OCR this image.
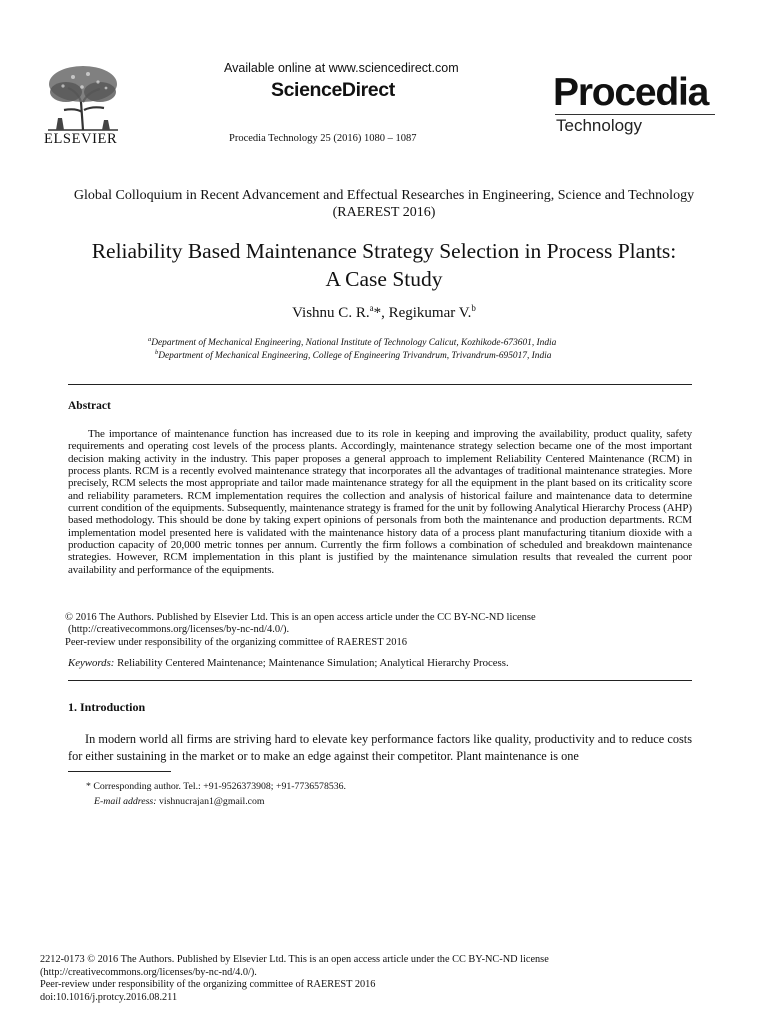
ELSEVIER
Available online at www.sciencedirect.com
ScienceDirect
Procedia Technology 25 (2016) 1080 – 1087
Procedia
Technology
Global Colloquium in Recent Advancement and Effectual Researches in Engineering, Science and Technology (RAEREST 2016)
Reliability Based Maintenance Strategy Selection in Process Plants:
A Case Study
Vishnu C. R.$^a$*, Regikumar V.$^b$
$^a$Department of Mechanical Engineering, National Institute of Technology Calicut, Kozhikode-673601, India
$^b$Department of Mechanical Engineering, College of Engineering Trivandrum, Trivandrum-695017, India
Abstract
The importance of maintenance function has increased due to its role in keeping and improving the availability, product quality, safety requirements and operating cost levels of the process plants. Accordingly, maintenance strategy selection became one of the most important decision making activity in the industry. This paper proposes a general approach to implement Reliability Centered Maintenance (RCM) in process plants. RCM is a recently evolved maintenance strategy that incorporates all the advantages of traditional maintenance strategies. More precisely, RCM selects the most appropriate and tailor made maintenance strategy for all the equipment in the plant based on its criticality score and reliability parameters. RCM implementation requires the collection and analysis of historical failure and maintenance data to determine current condition of the equipments. Subsequently, maintenance strategy is framed for the unit by following Analytical Hierarchy Process (AHP) based methodology. This should be done by taking expert opinions of personals from both the maintenance and production departments. RCM implementation model presented here is validated with the maintenance history data of a process plant manufacturing titanium dioxide with a production capacity of 20,000 metric tonnes per annum. Currently the firm follows a combination of scheduled and breakdown maintenance strategies. However, RCM implementation in this plant is justified by the maintenance simulation results that revealed the current poor availability and performance of the equipments.
© 2016 The Authors. Published by Elsevier Ltd. This is an open access article under the CC BY-NC-ND license
(http://creativecommons.org/licenses/by-nc-nd/4.0/).
Peer-review under responsibility of the organizing committee of RAEREST 2016
Keywords: Reliability Centered Maintenance; Maintenance Simulation; Analytical Hierarchy Process.
1. Introduction
In modern world all firms are striving hard to elevate key performance factors like quality, productivity and to reduce costs for either sustaining in the market or to make an edge against their competitor. Plant maintenance is one
* Corresponding author. Tel.: +91-9526373908; +91-7736578536.
E-mail address: vishnucrajan1@gmail.com
2212-0173 © 2016 The Authors. Published by Elsevier Ltd. This is an open access article under the CC BY-NC-ND license
(http://creativecommons.org/licenses/by-nc-nd/4.0/).
Peer-review under responsibility of the organizing committee of RAEREST 2016
doi:10.1016/j.protcy.2016.08.211
